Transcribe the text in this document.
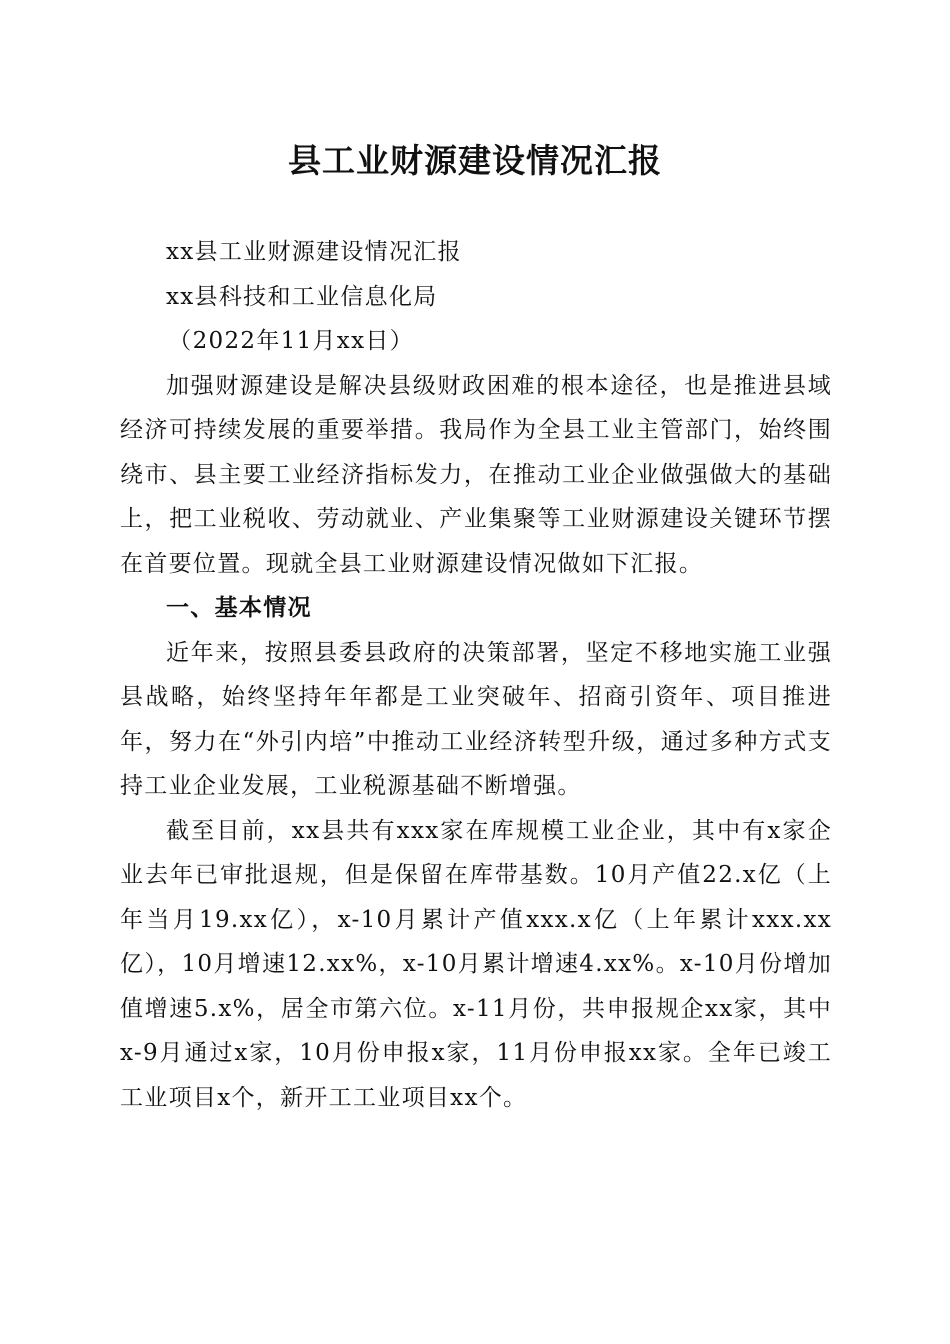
县工业财源建设情况汇报

xx县工业财源建设情况汇报

xx县科技和工业信息化局

（2022年11月xx日）

加强财源建设是解决县级财政困难的根本途径，也是推进县域经济可持续发展的重要举措。我局作为全县工业主管部门，始终围绕市、县主要工业经济指标发力，在推动工业企业做强做大的基础上，把工业税收、劳动就业、产业集聚等工业财源建设关键环节摆在首要位置。现就全县工业财源建设情况做如下汇报。

一、基本情况

近年来，按照县委县政府的决策部署，坚定不移地实施工业强县战略，始终坚持年年都是工业突破年、招商引资年、项目推进年，努力在“外引内培”中推动工业经济转型升级，通过多种方式支持工业企业发展，工业税源基础不断增强。

截至目前，xx县共有xxx家在库规模工业企业，其中有x家企业去年已审批退规，但是保留在库带基数。10月产值22.x亿（上年当月19.xx亿），x-10月累计产值xxx.x亿（上年累计xxx.xx亿），10月增速12.xx%，x-10月累计增速4.xx%。x-10月份增加值增速5.x%，居全市第六位。x-11月份，共申报规企xx家，其中x-9月通过x家，10月份申报x家，11月份申报xx家。全年已竣工工业项目x个，新开工工业项目xx个。
